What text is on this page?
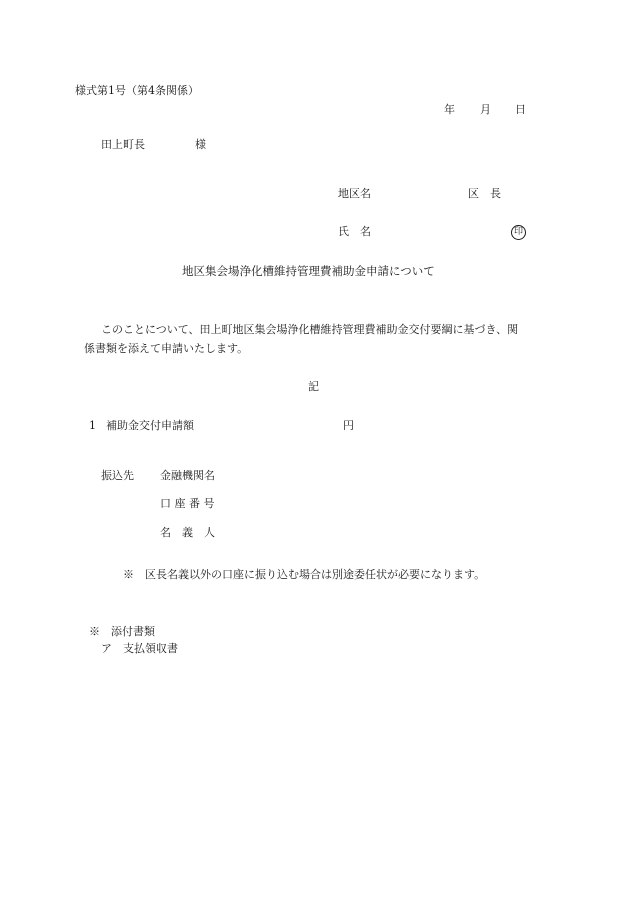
様式第1号（第4条関係）
年 月 日
田上町長	様
地区名	区　長
氏　名	印
地区集会場浄化槽維持管理費補助金申請について
このことについて、田上町地区集会場浄化槽維持管理費補助金交付要綱に基づき、関
係書類を添えて申請いたします。
記
1 補助金交付申請額	円
振込先 金融機関名
口 座 番 号
名　義　人
※　区長名義以外の口座に振り込む場合は別途委任状が必要になります。
※　添付書類
ア　支払領収書
